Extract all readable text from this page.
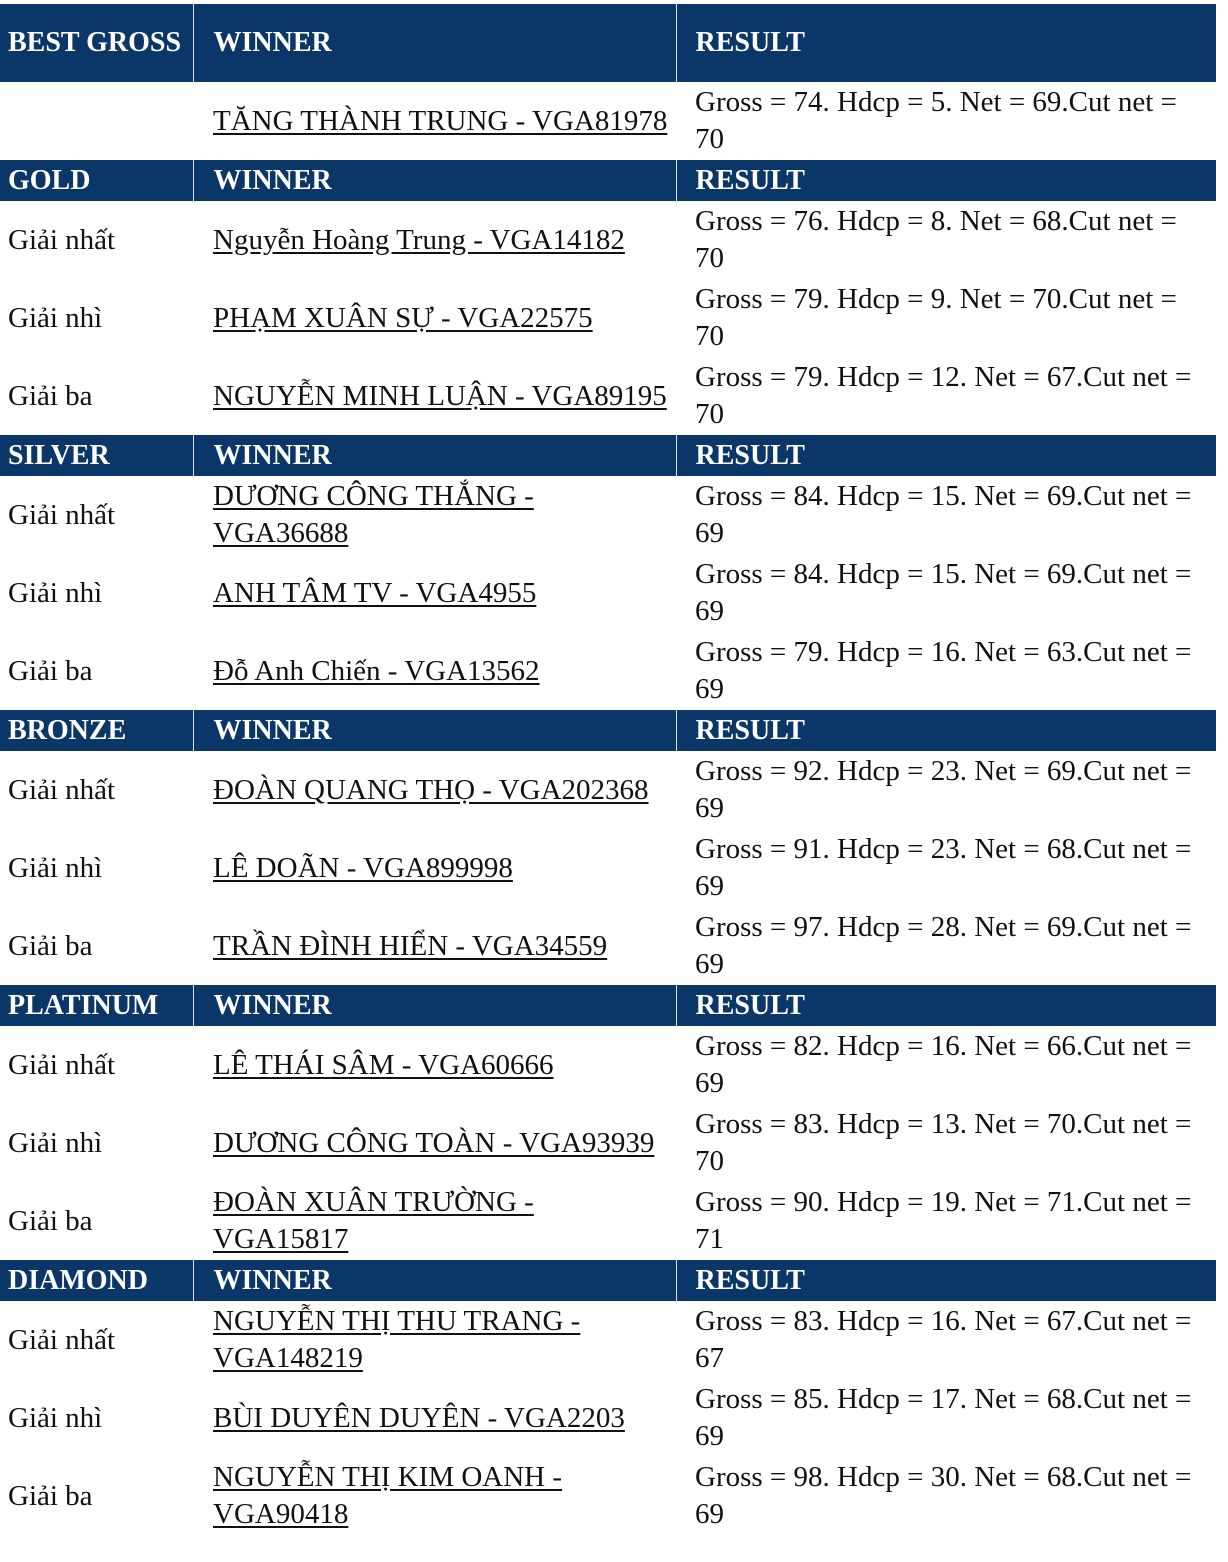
BEST GROSS	WINNER	RESULT
	TĂNG THÀNH TRUNG - VGA81978	Gross = 74. Hdcp = 5. Net = 69.Cut net = 70
GOLD	WINNER	RESULT
Giải nhất	Nguyễn Hoàng Trung - VGA14182	Gross = 76. Hdcp = 8. Net = 68.Cut net = 70
Giải nhì	PHẠM XUÂN SỰ - VGA22575	Gross = 79. Hdcp = 9. Net = 70.Cut net = 70
Giải ba	NGUYỄN MINH LUẬN - VGA89195	Gross = 79. Hdcp = 12. Net = 67.Cut net = 70
SILVER	WINNER	RESULT
Giải nhất	DƯƠNG CÔNG THẮNG - VGA36688	Gross = 84. Hdcp = 15. Net = 69.Cut net = 69
Giải nhì	ANH TÂM TV - VGA4955	Gross = 84. Hdcp = 15. Net = 69.Cut net = 69
Giải ba	Đỗ Anh Chiến - VGA13562	Gross = 79. Hdcp = 16. Net = 63.Cut net = 69
BRONZE	WINNER	RESULT
Giải nhất	ĐOÀN QUANG THỌ - VGA202368	Gross = 92. Hdcp = 23. Net = 69.Cut net = 69
Giải nhì	LÊ DOÃN - VGA899998	Gross = 91. Hdcp = 23. Net = 68.Cut net = 69
Giải ba	TRẦN ĐÌNH HIỂN - VGA34559	Gross = 97. Hdcp = 28. Net = 69.Cut net = 69
PLATINUM	WINNER	RESULT
Giải nhất	LÊ THÁI SÂM - VGA60666	Gross = 82. Hdcp = 16. Net = 66.Cut net = 69
Giải nhì	DƯƠNG CÔNG TOÀN - VGA93939	Gross = 83. Hdcp = 13. Net = 70.Cut net = 70
Giải ba	ĐOÀN XUÂN TRƯỜNG - VGA15817	Gross = 90. Hdcp = 19. Net = 71.Cut net = 71
DIAMOND	WINNER	RESULT
Giải nhất	NGUYỄN THỊ THU TRANG - VGA148219	Gross = 83. Hdcp = 16. Net = 67.Cut net = 67
Giải nhì	BÙI DUYÊN DUYÊN - VGA2203	Gross = 85. Hdcp = 17. Net = 68.Cut net = 69
Giải ba	NGUYỄN THỊ KIM OANH - VGA90418	Gross = 98. Hdcp = 30. Net = 68.Cut net = 69
